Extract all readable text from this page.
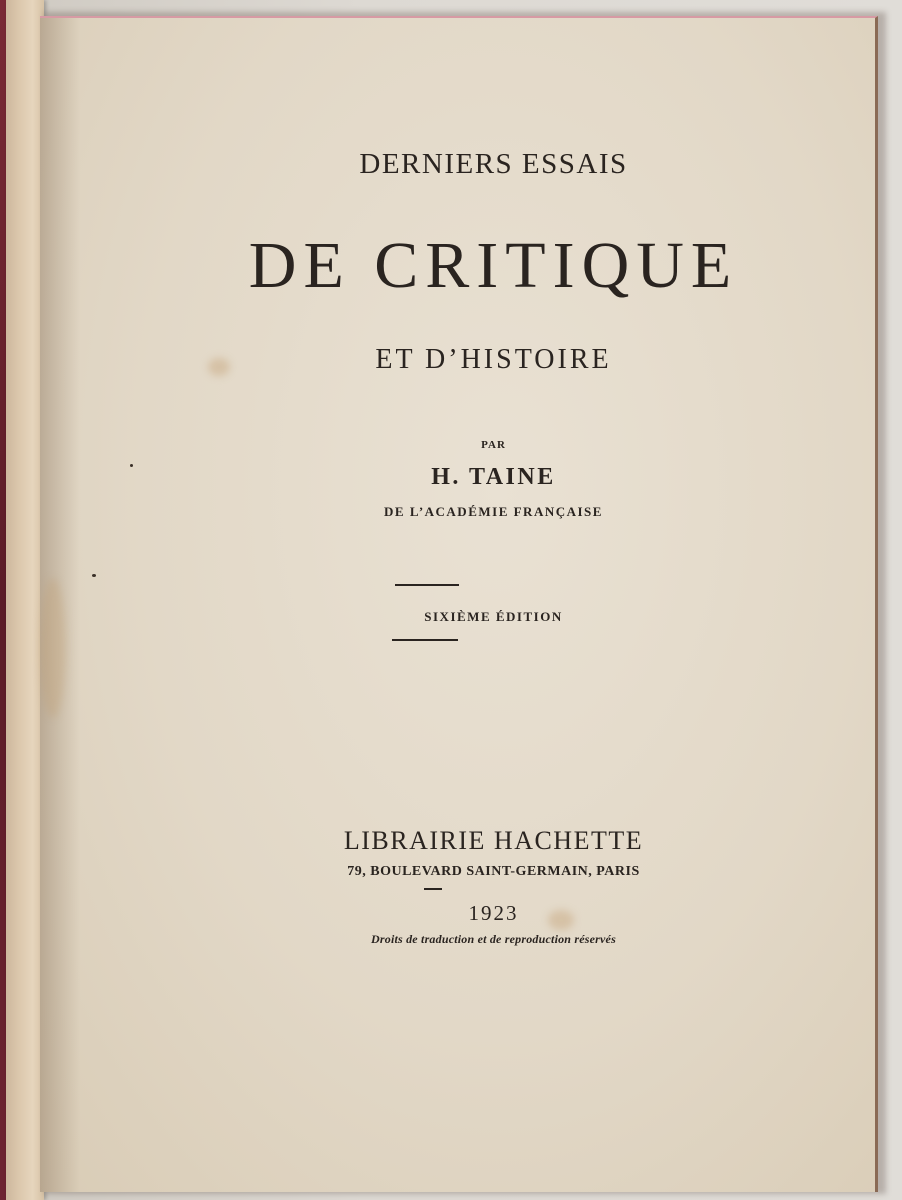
DERNIERS ESSAIS
DE CRITIQUE
ET D’HISTOIRE
PAR
H. TAINE
DE L’ACADÉMIE FRANÇAISE
SIXIÈME ÉDITION
LIBRAIRIE HACHETTE
79, BOULEVARD SAINT-GERMAIN, PARIS
1923
Droits de traduction et de reproduction réservés
